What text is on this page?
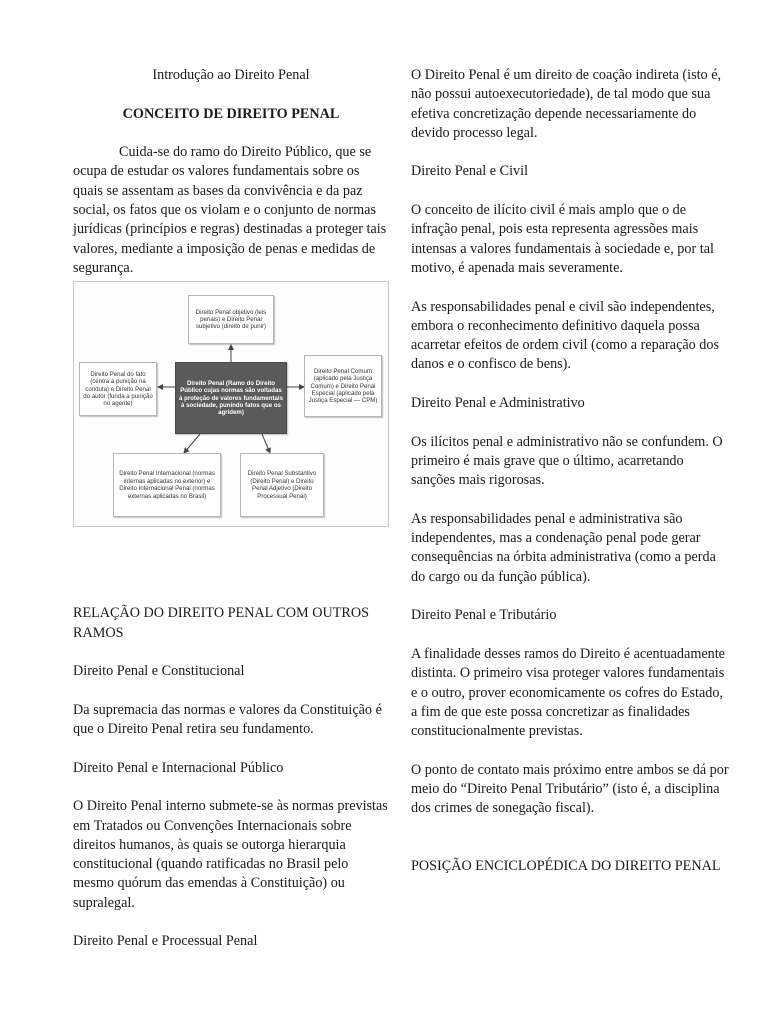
Introdução ao Direito Penal

CONCEITO DE DIREITO PENAL

Cuida-se do ramo do Direito Público, que se ocupa de estudar os valores fundamentais sobre os quais se assentam as bases da convivência e da paz social, os fatos que os violam e o conjunto de normas jurídicas (princípios e regras) destinadas a proteger tais valores, mediante a imposição de penas e medidas de segurança.

Direito Penal objetivo (leis penais) e Direito Penal subjetivo (direito de punir)
Direito Penal do fato (centra a punição na conduta) e Direito Penal do autor (funda a punição no agente)
Direito Penal (Ramo do Direito Público cujas normas são voltadas à proteção de valores fundamentais à sociedade, punindo fatos que os agridem)
Direito Penal Comum (aplicado pela Justiça Comum) e Direito Penal Especial (aplicado pela Justiça Especial — CPM)
Direito Penal Internacional (normas internas aplicadas no exterior) e Direito Internacional Penal (normas externas aplicadas no Brasil)
Direito Penal Substantivo (Direito Penal) e Direito Penal Adjetivo (Direito Processual Penal)

RELAÇÃO DO DIREITO PENAL COM OUTROS RAMOS

Direito Penal e Constitucional

Da supremacia das normas e valores da Constituição é que o Direito Penal retira seu fundamento.

Direito Penal e Internacional Público

O Direito Penal interno submete-se às normas previstas em Tratados ou Convenções Internacionais sobre direitos humanos, às quais se outorga hierarquia constitucional (quando ratificadas no Brasil pelo mesmo quórum das emendas à Constituição) ou supralegal.

Direito Penal e Processual Penal

O Direito Penal é um direito de coação indireta (isto é, não possui autoexecutoriedade), de tal modo que sua efetiva concretização depende necessariamente do devido processo legal.

Direito Penal e Civil

O conceito de ilícito civil é mais amplo que o de infração penal, pois esta representa agressões mais intensas a valores fundamentais à sociedade e, por tal motivo, é apenada mais severamente.

As responsabilidades penal e civil são independentes, embora o reconhecimento definitivo daquela possa acarretar efeitos de ordem civil (como a reparação dos danos e o confisco de bens).

Direito Penal e Administrativo

Os ilícitos penal e administrativo não se confundem. O primeiro é mais grave que o último, acarretando sanções mais rigorosas.

As responsabilidades penal e administrativa são independentes, mas a condenação penal pode gerar consequências na órbita administrativa (como a perda do cargo ou da função pública).

Direito Penal e Tributário

A finalidade desses ramos do Direito é acentuadamente distinta. O primeiro visa proteger valores fundamentais e o outro, prover economicamente os cofres do Estado, a fim de que este possa concretizar as finalidades constitucionalmente previstas.

O ponto de contato mais próximo entre ambos se dá por meio do “Direito Penal Tributário” (isto é, a disciplina dos crimes de sonegação fiscal).

POSIÇÃO ENCICLOPÉDICA DO DIREITO PENAL
